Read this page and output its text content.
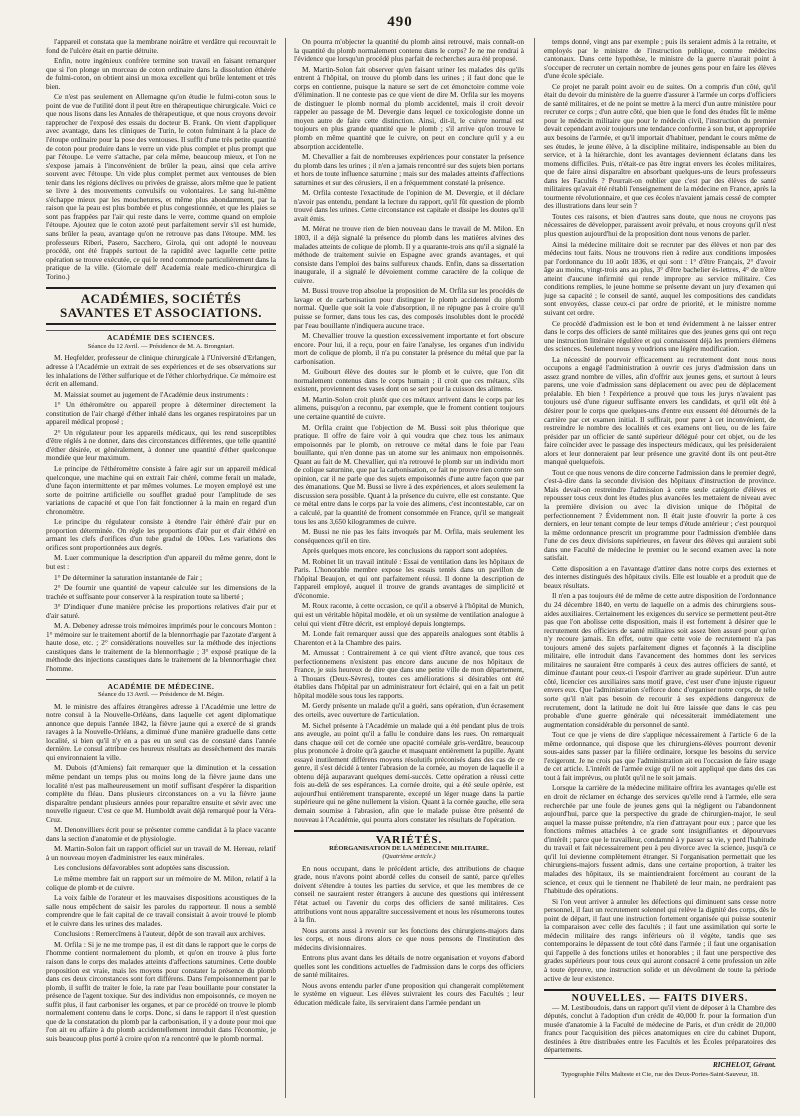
490

l'appareil et constata que la membrane noirâtre et verdâtre qui recouvrait le fond de l'ulcère était en partie détruite.

Enfin, notre ingénieux confrère termine son travail en faisant remarquer que si l'on plonge un morceau de coton ordinaire dans la dissolution éthérée de fulmi-coton, on obtient ainsi un moxa excellent qui brûle lentement et très bien.

Ce n'est pas seulement en Allemagne qu'on étudie le fulmi-coton sous le point de vue de l'utilité dont il peut être en thérapeutique chirurgicale. Voici ce que nous lisons dans les Annales de thérapeutique, et que nous croyons devoir rapprocher de l'exposé des essais du docteur B. Frank. On vient d'appliquer avec avantage, dans les cliniques de Turin, le coton fulminant à la place de l'étoupe ordinaire pour la pose des ventouses. Il suffit d'une très petite quantité de coton pour produire dans le verre un vide plus complet et plus prompt que par l'étoupe. Le verre s'attache, par cela même, beaucoup mieux, et l'on ne s'expose jamais à l'inconvénient de brûler la peau, ainsi que cela arrive souvent avec l'étoupe. Un vide plus complet permet aux ventouses de bien tenir dans les régions déclives ou privées de graisse, alors même que le patient se livre à des mouvements convulsifs ou volontaires. Le sang lui-même s'échappe mieux par les mouchetures, et même plus abondamment, par la raison que la peau est plus bombée et plus congestionnée, et que les plaies se sont pas frappées par l'air qui reste dans le verre, comme quand on emploie l'étoupe. Ajoutez que le coton azoté peut parfaitement servir s'il est humide, sans brûler la peau, avantage qu'on ne retrouve pas dans l'étoupe. MM. les professeurs Riberi, Pasero, Sacchero, Girola, qui ont adopté le nouveau procédé, ont été frappés surtout de la rapidité avec laquelle cette petite opération se trouve exécutée, ce qui le rend commode particulièrement dans la pratique de la ville. (Giornale dell' Academia reale medico-chirurgica di Torino.)

ACADÉMIES, SOCIÉTÉS SAVANTES ET ASSOCIATIONS.
ACADÉMIE DES SCIENCES.
Séance du 12 Avril. — Présidence de M. A. Brongniart.

M. Heqfelder, professeur de clinique chirurgicale à l'Université d'Erlangen, adresse à l'Académie un extrait de ses expériences et de ses observations sur les inhalations de l'éther sulfurique et de l'éther chlorhydrique. Ce mémoire est écrit en allemand.

M. Maissiat soumet au jugement de l'Académie deux instruments :

1° Un éthéromètre ou appareil propre à déterminer directement la constitution de l'air chargé d'éther inhalé dans les organes respiratoires par un appareil médical proposé ;

2° Un régulateur pour les appareils médicaux, qui les rend susceptibles d'être réglés à ne donner, dans des circonstances différentes, que telle quantité d'éther désirée, et généralement, à donner une quantité d'éther quelconque mondiée que leur maximum.

Le principe de l'éthéromètre consiste à faire agir sur un appareil médical quelconque, une machine qui en extrait l'air chéré, comme ferait un malade, d'une façon intermittente et par mêmes volumes. Le moyen employé est une sorte de poitrine artificielle ou soufflet gradué pour l'amplitude de ses variations de capacité et que l'on fait fonctionner à la main en regard d'un chronomètre.

Le principe du régulateur consiste à étendre l'air éthéré d'air pur en proportion déterminée. On règle les proportions d'air pur et d'air éthéré en armant les clefs d'orifices d'un tube gradué de 100es. Les variations des orifices sont proportionnées aux degrés.

M. Luer communique la description d'un appareil du même genre, dont le but est :

1° De déterminer la saturation instantanée de l'air ;

2° De fournir une quantité de vapeur calculée sur les dimensions de la trachée et suffisante pour conserver à la respiration toute sa liberté ;

3° D'indiquer d'une manière précise les proportions relatives d'air pur et d'air saturé.

M. A. Debeney adresse trois mémoires imprimés pour le concours Monton : 1° mémoire sur le traitement abortif de la blennorrhagie par l'azotate d'argent à haute dose, etc. ; 2° considérations nouvelles sur la méthode des injections caustiques dans le traitement de la blennorrhagie ; 3° exposé pratique de la méthode des injections caustiques dans le traitement de la blennorrhagie chez l'homme.

ACADÉMIE DE MÉDECINE.
Séance du 13 Avril. — Présidence de M. Bégin.

M. le ministre des affaires étrangères adresse à l'Académie une lettre de notre consul à la Nouvelle-Orléans, dans laquelle cet agent diplomatique annonce que depuis l'année 1842, la fièvre jaune qui a exercé de si grands ravages à la Nouvelle-Orléans, a diminué d'une manière graduelle dans cette localité, si bien qu'il n'y en a pas eu un seul cas de constaté dans l'année dernière. Le consul attribue ces heureux résultats au dessèchement des marais qui environnaient la ville.

M. Dubois (d'Amiens) fait remarquer que la diminution et la cessation même pendant un temps plus ou moins long de la fièvre jaune dans une localité n'est pas malheureusement un motif suffisant d'espérer la disparition complète du fléau. Dans plusieurs circonstances on a vu la fièvre jaune disparaître pendant plusieurs années pour reparaître ensuite et sévir avec une nouvelle rigueur. C'est ce que M. Humboldt avait déjà remarqué pour la Véra-Cruz.

M. Denonvilliers écrit pour se présenter comme candidat à la place vacante dans la section d'anatomie et de physiologie.

M. Martin-Solon fait un rapport officiel sur un travail de M. Hereau, relatif à un nouveau moyen d'administrer les eaux minérales.

Les conclusions défavorables sont adoptées sans discussion.

Le même membre fait un rapport sur un mémoire de M. Milon, relatif à la colique de plomb et de cuivre.

La voix faible de l'orateur et les mauvaises dispositions acoustiques de la salle nous empêchent de saisir les paroles du rapporteur. Il nous a semblé comprendre que le fait capital de ce travail consistait à avoir trouvé le plomb et le cuivre dans les urines des malades.

Conclusions : Remercîmens à l'auteur, dépôt de son travail aux archives.

M. Orfila : Si je ne me trompe pas, il est dit dans le rapport que le corps de l'homme contient normalement du plomb, et qu'on en trouve à plus forte raison dans le corps des malades atteints d'affections saturnines. Cette double proposition est vraie, mais les moyens pour constater la présence du plomb dans ces deux circonstances sont fort différens. Dans l'empoisonnement par le plomb, il suffit de traiter le foie, la rate par l'eau bouillante pour constater la présence de l'agent toxique. Sur des individus non empoisonnés, ce moyen ne suffit plus, il faut carboniser les organes, et par ce procédé on trouve le plomb normalement contenu dans le corps. Donc, si dans le rapport il n'est question que de la constatation du plomb par la carbonisation, il y a doute pour moi que l'on ait eu affaire à du plomb accidentellement introduit dans l'économie, je suis beaucoup plus porté à croire qu'on n'a rencontré que le plomb normal.

On pourra m'objecter la quantité du plomb ainsi retrouvé, mais connaît-on la quantité du plomb normalement contenu dans le corps? Je ne me rendrai à l'évidence que lorsqu'un procédé plus parfait de recherches aura été proposé.

M. Martin-Solon fait observer qu'en faisant uriner les malades dès qu'ils entrent à l'hôpital, on trouve du plomb dans les urines ; il faut donc que le corps en contienne, puisque la nature se sert de cet émonctoire comme voie d'élimination. Il ne conteste pas ce que vient de dire M. Orfila sur les moyens de distinguer le plomb normal du plomb accidentel, mais il croit devoir rappeler au passage de M. Devergie dans lequel ce toxicologiste donne un moyen autre de faire cette distinction. Ainsi, dit-il, le cuivre normal est toujours en plus grande quantité que le plomb ; s'il arrive qu'on trouve le plomb en même quantité que le cuivre, on peut en conclure qu'il y a eu absorption accidentelle.

M. Chevallier a fait de nombreuses expériences pour constater la présence du plomb dans les urines ; il n'en a jamais rencontré sur des sujets bien portans et hors de toute influence saturnine ; mais sur des malades atteints d'affections saturnines et sur des cérusiers, il en a fréquemment constaté la présence.

M. Orfila conteste l'exactitude de l'opinion de M. Devergie, et il déclare n'avoir pas entendu, pendant la lecture du rapport, qu'il fût question de plomb trouvé dans les urines. Cette circonstance est capitale et dissipe les doutes qu'il avait émis.

M. Mérat ne trouve rien de bien nouveau dans le travail de M. Milon. En 1803, il a déjà signalé la présence du plomb dans les matières alvines des malades atteints de colique de plomb. Il y a quarante-trois ans qu'il a signalé la méthode de traitement suivie en Espagne avec grands avantages, et qui consiste dans l'emploi des bains sulfureux chauds. Enfin, dans sa dissertation inaugurale, il a signalé le dévoiement comme caractère de la colique de cuivre.

M. Bussi trouve trop absolue la proposition de M. Orfila sur les procédés de lavage et de carbonisation pour distinguer le plomb accidentel du plomb normal. Quelle que soit la voie d'absorption, il ne répugne pas à croire qu'il puisse se former, dans tous les cas, des composés insolubles dont le procédé par l'eau bouillante n'indiquera aucune trace.

M. Chevallier trouve la question excessivement importante et fort obscure encore. Pour lui, il a reçu, pour en faire l'analyse, les organes d'un individu mort de colique de plomb, il n'a pu constater la présence du métal que par la carbonisation.

M. Guibourt élève des doutes sur le plomb et le cuivre, que l'on dit normalement contenus dans le corps humain ; il croit que ces métaux, s'ils existent, proviennent des vases dont on se sert pour la cuisson des alimens.

M. Martin-Solon croit plutôt que ces métaux arrivent dans le corps par les alimens, puisqu'on a reconnu, par exemple, que le froment contient toujours une certaine quantité de cuivre.

M. Orfila craint que l'objection de M. Bussi soit plus théorique que pratique. Il offre de faire voir à qui voudra que chez tous les animaux empoisonnés par le plomb, on retrouve ce métal dans le foie par l'eau bouillante, qui n'en donne pas un atome sur les animaux non empoisonnés. Quant au fait de M. Chevallier, qui n'a retrouvé le plomb sur un individu mort de colique saturnine, que par la carbonisation, ce fait ne prouve rien contre son opinion, car il ne parle que des sujets empoisonnés d'une autre façon que par des émanations. Que M. Bussi se livre à des expériences, et alors seulement la discussion sera possible. Quant à la présence du cuivre, elle est constante. Que ce métal entre dans le corps par la voie des alimens, c'est incontestable, car on a calculé, par la quantité de froment consommée en France, qu'il se mangeait tous les ans 3,650 kilogrammes de cuivre.

M. Bussi ne nie pas les faits invoqués par M. Orfila, mais seulement les conséquences qu'il en tire.

Après quelques mots encore, les conclusions du rapport sont adoptées.

M. Robinet lit un travail intitulé : Essai de ventilation dans les hôpitaux de Paris. L'honorable membre expose les essais tentés dans un pavillon de l'hôpital Beaujon, et qui ont parfaitement réussi. Il donne la description de l'appareil employé, auquel il trouve de grands avantages de simplicité et d'économie.

M. Roux raconte, à cette occasion, ce qu'il a observé à l'hôpital de Munich, qui est un véritable hôpital modèle, et où un système de ventilation analogue à celui qui vient d'être décrit, est employé depuis longtemps.

M. Londe fait remarquer aussi que des appareils analogues sont établis à Charenton et à la Chambre des pairs.

M. Amussat : Contrairement à ce qui vient d'être avancé, que tous ces perfectionnemens n'existent pas encore dans aucune de nos hôpitaux de France, je suis heureux de dire que dans une petite ville de mon département, à Thouars (Deux-Sèvres), toutes ces améliorations si désirables ont été établies dans l'hôpital par un administrateur fort éclairé, qui en a fait un petit hôpital modèle sous tous les rapports.

M. Gerdy présente un malade qu'il a guéri, sans opération, d'un écrasement des orteils, avec ouverture de l'articulation.

M. Sichel présente à l'Académie un malade qui a été pendant plus de trois ans aveugle, au point qu'il a fallu le conduire dans les rues. On remarquait dans chaque œil cet de cornée une opacité cornéale gris-verdâtre, beaucoup plus prononcée à droite qu'à gauche et masquant entièrement la pupille. Ayant essayé inutilement différens moyens résolutifs préconisés dans des cas de ce genre, il s'est décidé à tenter l'abrasion de la cornée, au moyen de laquelle il a obtenu déjà auparavant quelques demi-succès. Cette opération a réussi cette fois au-delà de ses espérances. La cornée droite, qui a été seule opérée, est aujourd'hui entièrement transparente, excepté un léger nuage dans la partie supérieure qui ne gêne nullement la vision. Quant à la cornée gauche, elle sera demain soumise à l'abrasion, afin que le malade puisse être présenté de nouveau à l'Académie, qui pourra alors constater les résultats de l'opération.

VARIÉTÉS.
RÉORGANISATION DE LA MÉDECINE MILITAIRE.
(Quatrième article.)

En nous occupant, dans le précédent article, des attributions de chaque grade, nous n'avons point abordé celles du conseil de santé, parce qu'elles doivent s'étendre à toutes les parties du service, et que les membres de ce conseil ne sauraient rester étrangers à aucune des questions qui intéressent l'état actuel ou l'avenir du corps des officiers de santé militaires. Ces attributions vont nous apparaître successivement et nous les résumerons toutes à la fin.

Nous aurons aussi à revenir sur les fonctions des chirurgiens-majors dans les corps, et nous dirons alors ce que nous pensons de l'institution des médecins divisionnaires.

Entrons plus avant dans les détails de notre organisation et voyons d'abord quelles sont les conditions actuelles de l'admission dans le corps des officiers de santé militaires.

Nous avons entendu parler d'une proposition qui changerait complètement le système en vigueur. Les élèves suivraient les cours des Facultés ; leur éducation médicale faite, ils serviraient dans l'armée pendant un

temps donné, vingt ans par exemple ; puis ils seraient admis à la retraite, et employés par le ministre de l'instruction publique, comme médecins cantonaux. Dans cette hypothèse, le ministre de la guerre n'aurait point à s'occuper de recruter un certain nombre de jeunes gens pour en faire les élèves d'une école spéciale.

Ce projet ne paraît point avoir eu de suites. On a compris d'un côté, qu'il était du devoir du ministère de la guerre d'assurer à l'armée un corps d'officiers de santé militaires, et de ne point se mettre à la merci d'un autre ministère pour recruter ce corps ; d'un autre côté, que bien que le fond des études fût le même pour le médecin militaire que pour le médecin civil, l'instruction du premier devait cependant avoir toujours une tendance conforme à son but, et appropriée aux besoins de l'armée, et qu'il importait d'habituer, pendant le cours même de ses études, le jeune élève, à la discipline militaire, indispensable au bien du service, et à la hiérarchie, dont les avantages deviennent éclatans dans les momens difficiles. Puis, n'était-ce pas être ingrat envers les écoles militaires, que de faire ainsi disparaître en absorbant quelques-uns de leurs professeurs dans les Facultés ? Pourrait-on oublier que c'est par des élèves de santé militaires qu'avait été rétabli l'enseignement de la médecine en France, après la tourmente révolutionnaire, et que ces écoles n'avaient jamais cessé de compter des illustrations dans leur sein ?

Toutes ces raisons, et bien d'autres sans doute, que nous ne croyons pas nécessaires de développer, paraissent avoir prévalu, et nous croyons qu'il n'est plus question aujourd'hui de la proposition dont nous venons de parler.

Ainsi la médecine militaire doit se recruter par des élèves et non par des médecins tout faits. Nous ne trouvons rien à redire aux conditions imposées par l'ordonnance du 10 août 1836, et qui sont : 1° d'être Français, 2° d'avoir âge au moins, vingt-trois ans au plus, 3° d'être bachelier ès-lettres, 4° de n'être atteint d'aucune infirmité qui rende impropre au service militaire. Ces conditions remplies, le jeune homme se présente devant un jury d'examen qui juge sa capacité ; le conseil de santé, auquel les compositions des candidats sont envoyées, classe ceux-ci par ordre de priorité, et le ministre nomme suivant cet ordre.

Ce procédé d'admission est le bon et tend évidemment à ne laisser entrer dans le corps des officiers de santé militaires que des jeunes gens qui ont reçu une instruction littéraire régulière et qui connaissent déjà les premiers élémens des sciences. Seulement nous y voudrions une légère modification.

La nécessité de pourvoir efficacement au recrutement dont nous nous occupons a engagé l'administration à ouvrir ces jurys d'admission dans un assez grand nombre de villes, afin d'offrir aux jeunes gens, et surtout à leurs parens, une voie d'admission sans déplacement ou avec peu de déplacement préalable. Eh bien ! l'expérience a prouvé que tous les jurys n'avaient pas toujours usé d'une rigueur suffisante envers les candidats, et qu'il eût été à désirer pour le corps que quelques-uns d'entre eux eussent été détournés de la carrière par cet examen initial. Il suffirait, pour parer à cet inconvénient, de restreindre le nombre des localités et ces examens ont lieu, ou de les faire présider par un officier de santé supérieur délégué pour cet objet, ou de les faire coïncider avec le passage des inspecteurs médicaux, qui les présideraient alors et leur donneraient par leur présence une gravité dont ils ont peut-être manqué quelquefois.

Tout ce que nous venons de dire concerne l'admission dans le premier degré, c'est-à-dire dans la seconde division des hôpitaux d'instruction de province. Mais devait-on restreindre l'admission à cette seule catégorie d'élèves et repousser tous ceux dont les études plus avancées les mettaient de niveau avec la première division ou avec la division unique de l'hôpital de perfectionnement ? Évidemment non. Il était juste d'ouvrir la porte à ces derniers, en leur tenant compte de leur temps d'étude antérieur ; c'est pourquoi la même ordonnance prescrit un programme pour l'admission d'emblée dans l'une de ces deux divisions supérieures, en faveur des élèves qui auraient subi dans une Faculté de médecine le premier ou le second examen avec la note satisfait.

Cette disposition a en l'avantage d'attirer dans notre corps des externes et des internes distingués des hôpitaux civils. Elle est louable et a produit que de beaux résultats.

Il n'en a pas toujours été de même de cette autre disposition de l'ordonnance du 24 décembre 1840, en vertu de laquelle on a admis des chirurgiens sous-aides auxiliaires. Certainement les exigences du service se permettent peut-être pas que l'on abolisse cette disposition, mais il est fortement à désirer que le recrutement des officiers de santé militaires soit assez bien assuré pour qu'on n'y recoure jamais. En effet, outre que cette voie de recrutement n'a pas toujours amené des sujets parfaitement dignes et façonnés à la discipline militaire, elle introduit dans l'avancement des hommes dont les services militaires ne sauraient être comparés à ceux des autres officiers de santé, et diminue d'autant pour ceux-ci l'espoir d'arriver au grade supérieur. D'un autre côté, licencier ces auxiliaires sans motif grave, c'est user d'une injuste rigueur envers eux. Que l'administration s'efforce donc d'organiser notre corps, de telle sorte qu'il n'ait pas besoin de recourir à ses expédiens dangereux de recrutement, dont la latitude ne doit lui être laissée que dans le cas peu probable d'une guerre générale qui nécessiterait immédiatement une augmentation considérable du personnel de santé.

Tout ce que je viens de dire s'applique nécessairement à l'article 6 de la même ordonnance, qui dispose que les chirurgiens-élèves pourront devenir sous-aides sans passer par la filière ordinaire, lorsque les besoins du service l'exigeront. Je ne crois pas que l'administration ait eu l'occasion de faire usage de cet article. L'intérêt de l'armée exige qu'il ne soit appliqué que dans des cas tout à fait imprévus, ou plutôt qu'il ne le soit jamais.

Lorsque la carrière de la médecine militaire offrira les avantages qu'elle est en droit de réclamer en échange des services qu'elle rend à l'armée, elle sera recherchée par une foule de jeunes gens qui la négligent ou l'abandonnent aujourd'hui, parce que la perspective du grade de chirurgien-major, le seul auquel la masse puisse prétendre, n'a rien d'attrayant pour eux ; parce que les fonctions mêmes attachées à ce grade sont insignifiantes et dépourvues d'intérêt ; parce que le travailleur, condamné à y passer sa vie, y perd l'habitude du travail et fait nécessairement peu à peu divorce avec la science, jusqu'à ce qu'il lui devienne complètement étranger. Si l'organisation permettait que les chirurgiens-majors fussent admis, dans une certaine proportion, à traiter les malades des hôpitaux, ils se maintiendraient forcément au courant de la science, et ceux qui le tiennent ne l'habileté de leur main, ne perdraient pas l'habitude des opérations.

Si l'on veut arriver à annuler les défections qui diminuent sans cesse notre personnel, il faut un recrutement solennel qui relève la dignité des corps, dès le point de départ, il faut une instruction fortement organisée qui puisse soutenir la comparaison avec celle des facultés ; il faut une assimilation qui sorte le médecin militaire des rangs inférieurs où il végète, tandis que ses contemporains le dépassent de tout côté dans l'armée ; il faut une organisation qui l'appelle à des fonctions utiles et honorables ; il faut une perspective des grades supérieurs pour tous ceux qui auront consacré à cette profession un zèle à toute épreuve, une instruction solide et un dévoûment de toute la période active de leur existence.

NOUVELLES. — FAITS DIVERS.

— M. Lestiboudois, dans un rapport qu'il vient de déposer à la Chambre des députés, conclut à l'adoption d'un crédit de 40,000 fr. pour la formation d'un musée d'anatomie à la Faculté de médecine de Paris, et d'un crédit de 20,000 francs pour l'acquisition des pièces anatomiques en cire du cabinet Dupont, destinées à être distribuées entre les Facultés et les Écoles préparatoires des départemens.

RICHELOT, Gérant.
Typographie Félix Malteste et Cie, rue des Deux-Portes-Saint-Sauveur, 18.
